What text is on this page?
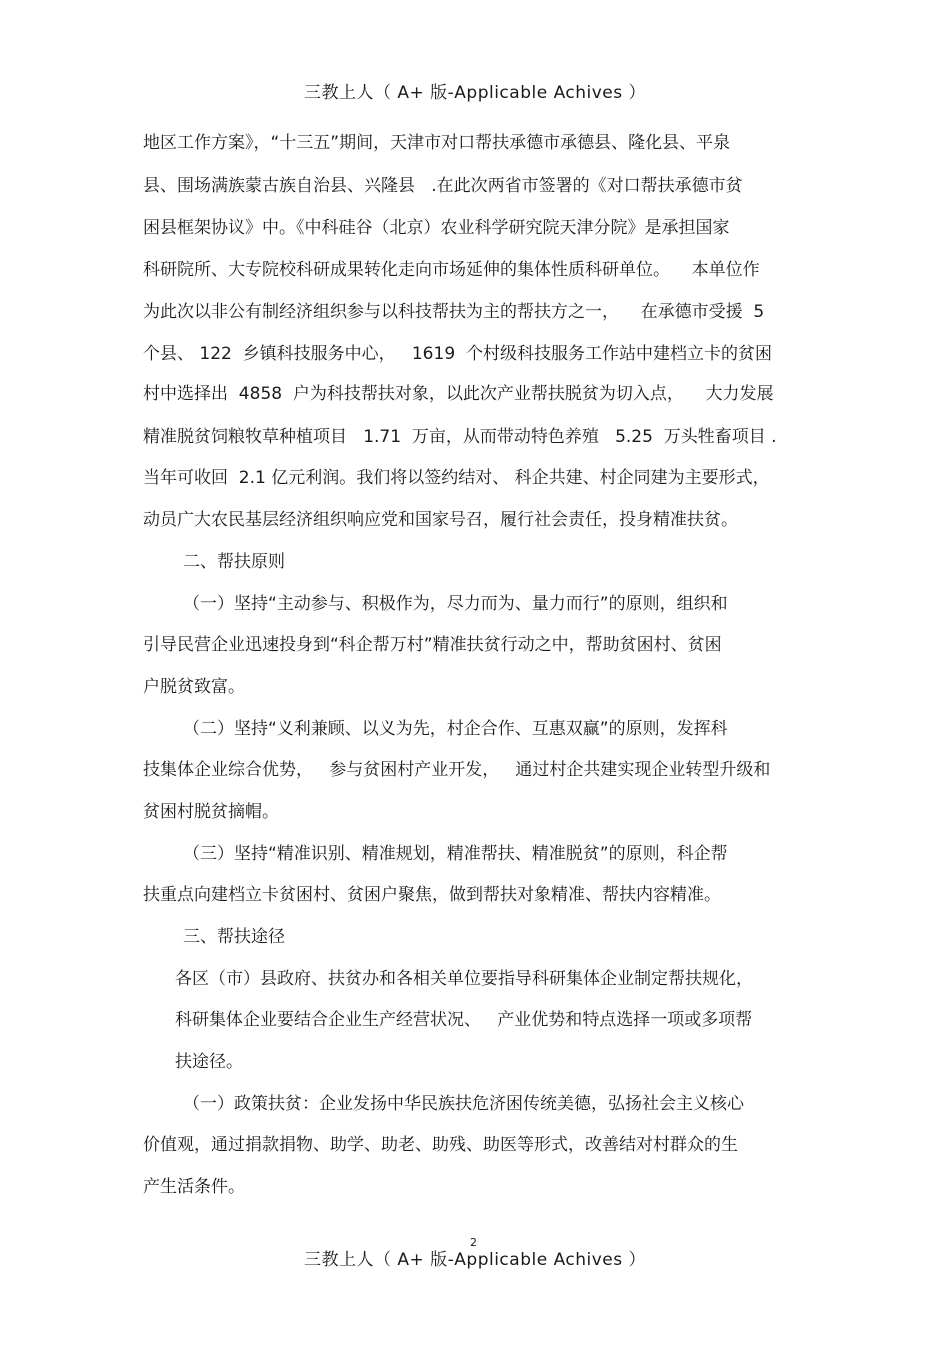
三教上人（ A+ 版-Applicable Achives ）
地区工作方案》，“十三五”期间，天津市对口帮扶承德市承德县、隆化县、平泉
县、围场满族蒙古族自治县、兴隆县   .在此次两省市签署的《对口帮扶承德市贫
困县框架协议》中。《中科硅谷（北京）农业科学研究院天津分院》是承担国家
科研院所、大专院校科研成果转化走向市场延伸的集体性质科研单位。    本单位作
为此次以非公有制经济组织参与以科技帮扶为主的帮扶方之一，    在承德市受援  5
个县、 122  乡镇科技服务中心，   1619  个村级科技服务工作站中建档立卡的贫困
村中选择出  4858  户为科技帮扶对象，以此次产业帮扶脱贫为切入点，    大力发展
精准脱贫饲粮牧草种植项目   1.71  万亩，从而带动特色养殖   5.25  万头牲畜项目 .
当年可收回  2.1 亿元利润。我们将以签约结对、 科企共建、村企同建为主要形式，
动员广大农民基层经济组织响应党和国家号召，履行社会责任，投身精准扶贫。
二、帮扶原则
（一）坚持“主动参与、积极作为，尽力而为、量力而行”的原则，组织和
引导民营企业迅速投身到“科企帮万村”精准扶贫行动之中，帮助贫困村、贫困
户脱贫致富。
（二）坚持“义利兼顾、以义为先，村企合作、互惠双赢”的原则，发挥科
技集体企业综合优势，   参与贫困村产业开发，   通过村企共建实现企业转型升级和
贫困村脱贫摘帽。
（三）坚持“精准识别、精准规划，精准帮扶、精准脱贫”的原则，科企帮
扶重点向建档立卡贫困村、贫困户聚焦，做到帮扶对象精准、帮扶内容精准。
三、帮扶途径
各区（市）县政府、扶贫办和各相关单位要指导科研集体企业制定帮扶规化，
科研集体企业要结合企业生产经营状况、   产业优势和特点选择一项或多项帮
扶途径。
（一）政策扶贫：企业发扬中华民族扶危济困传统美德，弘扬社会主义核心
价值观，通过捐款捐物、助学、助老、助残、助医等形式，改善结对村群众的生
产生活条件。
2
三教上人（ A+ 版-Applicable Achives ）
